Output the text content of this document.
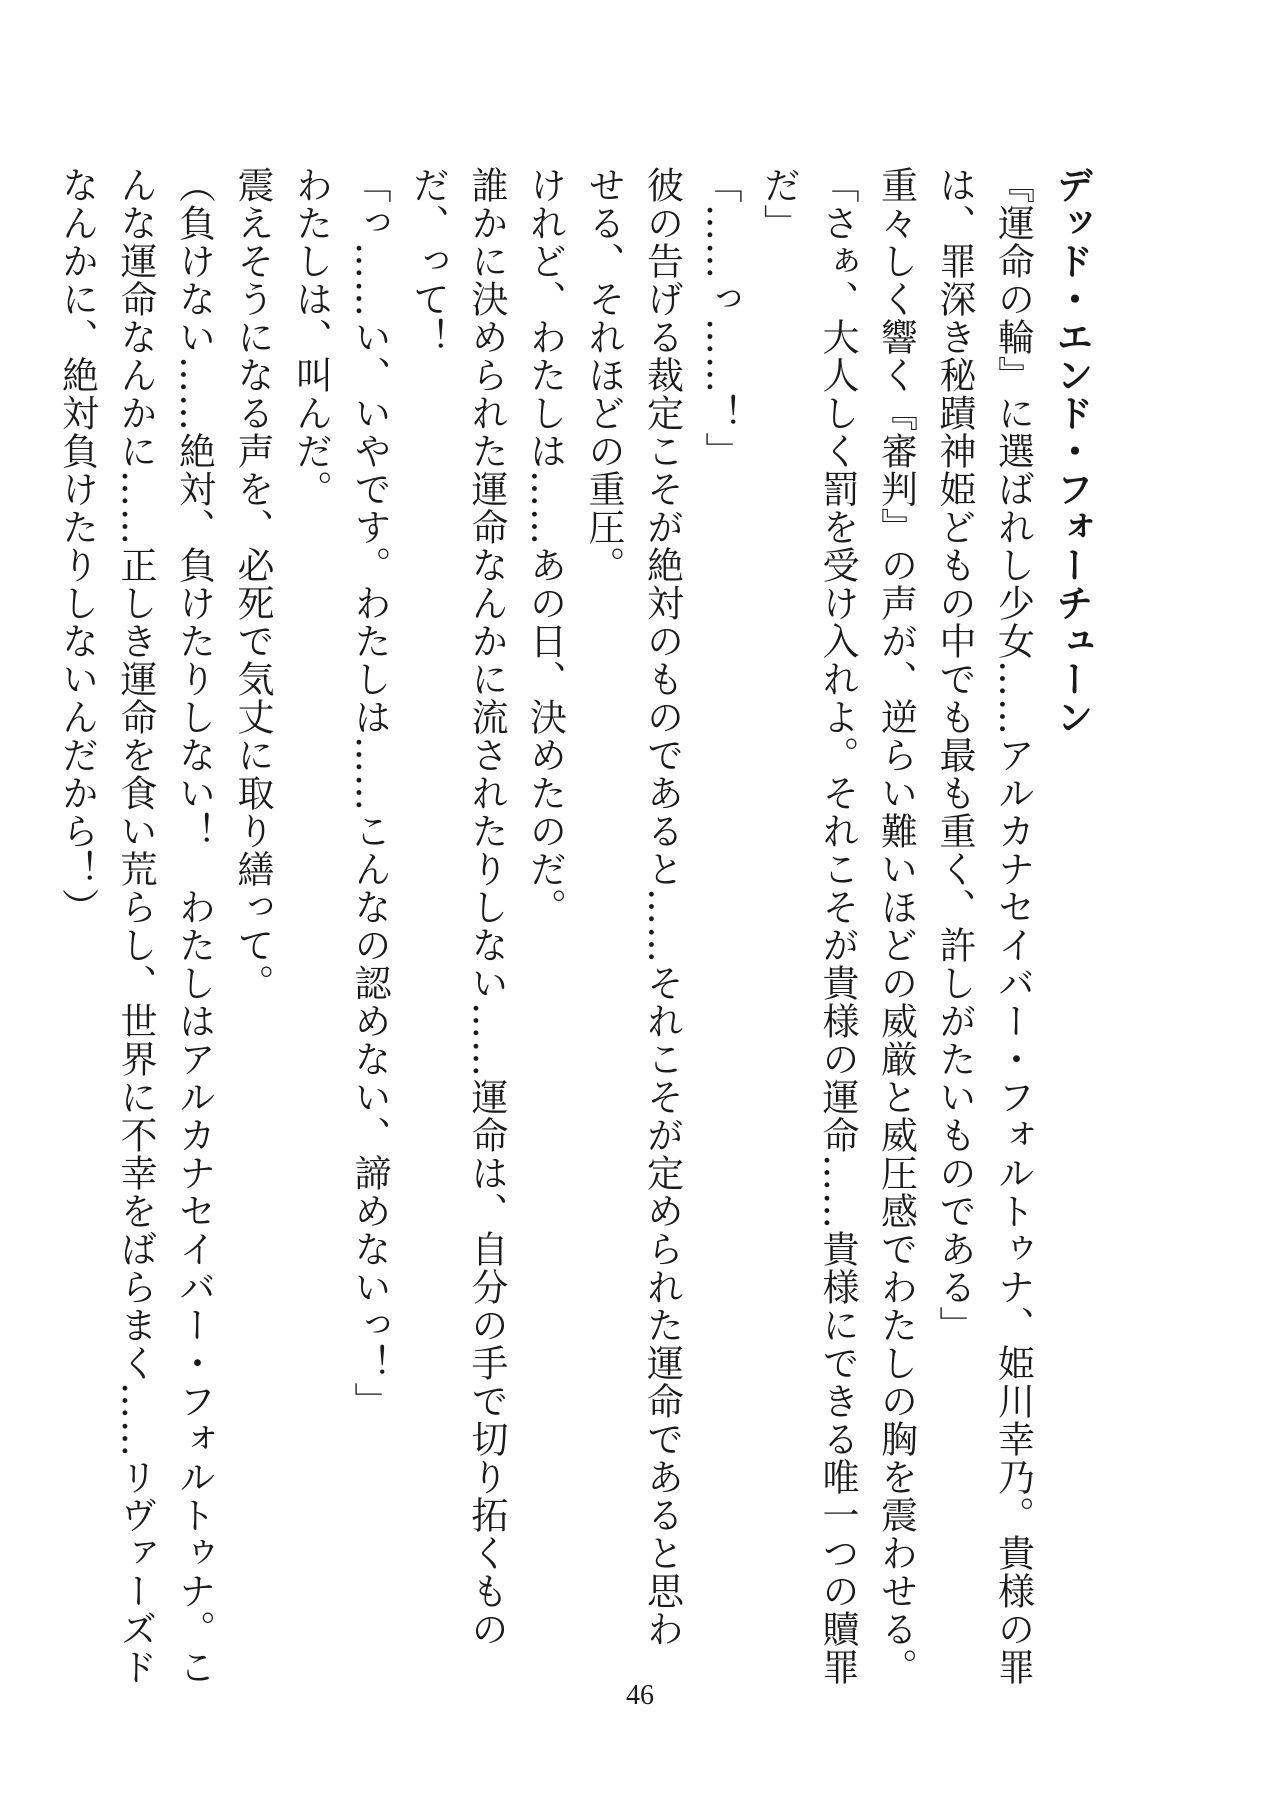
デッド・エンド・フォーチューン
『運命の輪』に選ばれし少女……アルカナセイバー・フォルトゥナ、姫川幸乃。貴様の罪
は、罪深き秘蹟神姫どもの中でも最も重く、許しがたいものである」
重々しく響く『審判』の声が、逆らい難いほどの威厳と威圧感でわたしの胸を震わせる。
「さぁ、大人しく罰を受け入れよ。それこそが貴様の運命……貴様にできる唯一つの贖罪
だ」
「……っ……！」
彼の告げる裁定こそが絶対のものであると……それこそが定められた運命であると思わ
せる、それほどの重圧。
けれど、わたしは……あの日、決めたのだ。
誰かに決められた運命なんかに流されたりしない……運命は、自分の手で切り拓くもの
だ、って！
「っ……い、いやです。わたしは……こんなの認めない、諦めないっ！」
わたしは、叫んだ。
震えそうになる声を、必死で気丈に取り繕って。
（負けない……絶対、負けたりしない！　わたしはアルカナセイバー・フォルトゥナ。こ
んな運命なんかに……正しき運命を食い荒らし、世界に不幸をばらまく……リヴァーズド
なんかに、絶対負けたりしないんだから！）
46
